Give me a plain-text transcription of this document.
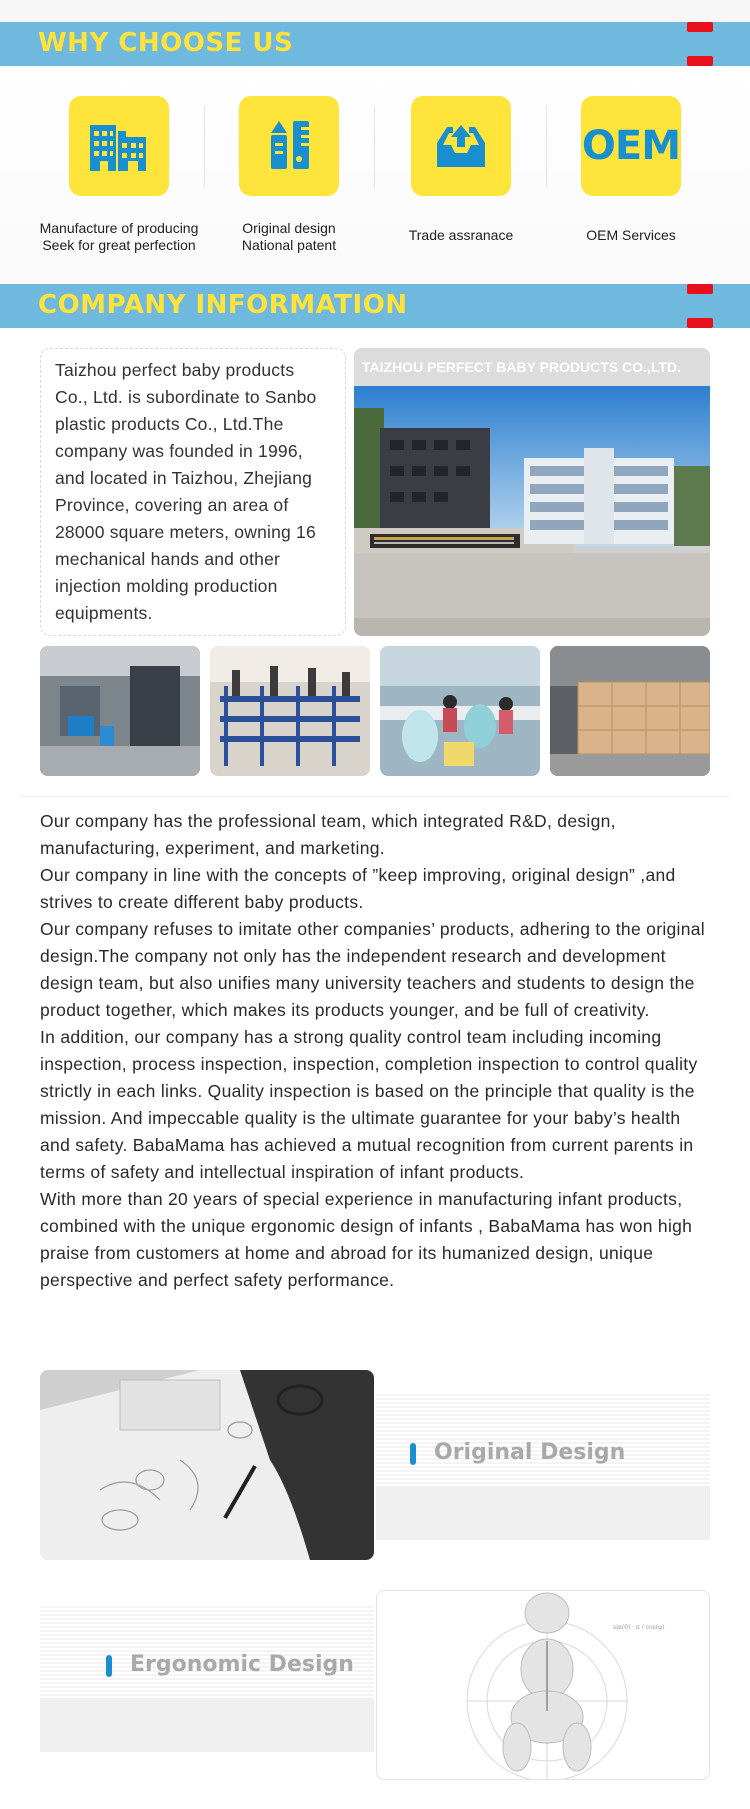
WHY CHOOSE US
Manufacture of producing
Seek for great perfection
Original design
National patent
Trade assranace
OEM
OEM Services
COMPANY INFORMATION

Taizhou perfect baby products Co., Ltd. is subordinate to Sanbo plastic products Co., Ltd.The company was founded in 1996, and located in Taizhou, Zhejiang Province, covering an area of 28000 square meters, owning 16 mechanical hands and other injection molding production equipments.

TAIZHOU PERFECT BABY PRODUCTS CO.,LTD.

Our company has the professional team, which integrated R&D, design, manufacturing, experiment, and marketing.

Our company in line with the concepts of ”keep improving, original design” ,and strives to create different baby products.

Our company refuses to imitate other companies’ products, adhering to the original design.The company not only has the independent research and development design team, but also unifies many university teachers and students to design the product together, which makes its products younger, and be full of creativity.

In addition, our company has a strong quality control team including incoming inspection, process inspection, inspection, completion inspection to control quality strictly in each links. Quality inspection is based on the principle that quality is the mission. And impeccable quality is the ultimate guarantee for your baby’s health and safety. BabaMama has achieved a mutual recognition from current parents in terms of safety and intellectual inspiration of infant products.

With more than 20 years of special experience in manufacturing infant products, combined with the unique ergonomic design of infants , BabaMama has won high praise from customers at home and abroad for its humanized design, unique perspective and perfect safety performance.

Original Design
Ergonomic Design
sin(θ) · π / cos(φ)
